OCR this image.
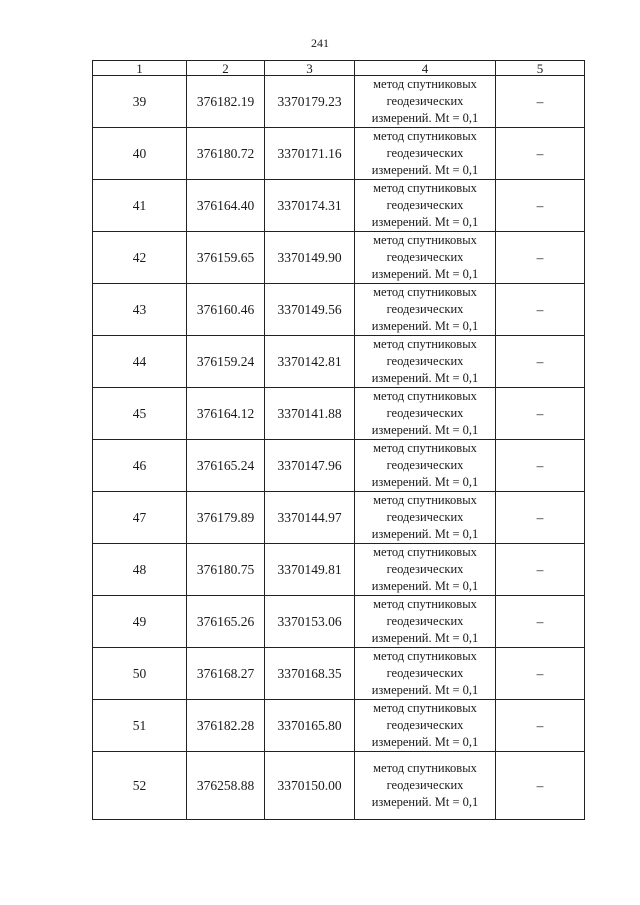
241
1	2	3	4	5
39	376182.19	3370179.23	метод спутниковых
геодезических
измерений. Mt = 0,1	–
40	376180.72	3370171.16	метод спутниковых
геодезических
измерений. Mt = 0,1	–
41	376164.40	3370174.31	метод спутниковых
геодезических
измерений. Mt = 0,1	–
42	376159.65	3370149.90	метод спутниковых
геодезических
измерений. Mt = 0,1	–
43	376160.46	3370149.56	метод спутниковых
геодезических
измерений. Mt = 0,1	–
44	376159.24	3370142.81	метод спутниковых
геодезических
измерений. Mt = 0,1	–
45	376164.12	3370141.88	метод спутниковых
геодезических
измерений. Mt = 0,1	–
46	376165.24	3370147.96	метод спутниковых
геодезических
измерений. Mt = 0,1	–
47	376179.89	3370144.97	метод спутниковых
геодезических
измерений. Mt = 0,1	–
48	376180.75	3370149.81	метод спутниковых
геодезических
измерений. Mt = 0,1	–
49	376165.26	3370153.06	метод спутниковых
геодезических
измерений. Mt = 0,1	–
50	376168.27	3370168.35	метод спутниковых
геодезических
измерений. Mt = 0,1	–
51	376182.28	3370165.80	метод спутниковых
геодезических
измерений. Mt = 0,1	–
52	376258.88	3370150.00	метод спутниковых
геодезических
измерений. Mt = 0,1	–
